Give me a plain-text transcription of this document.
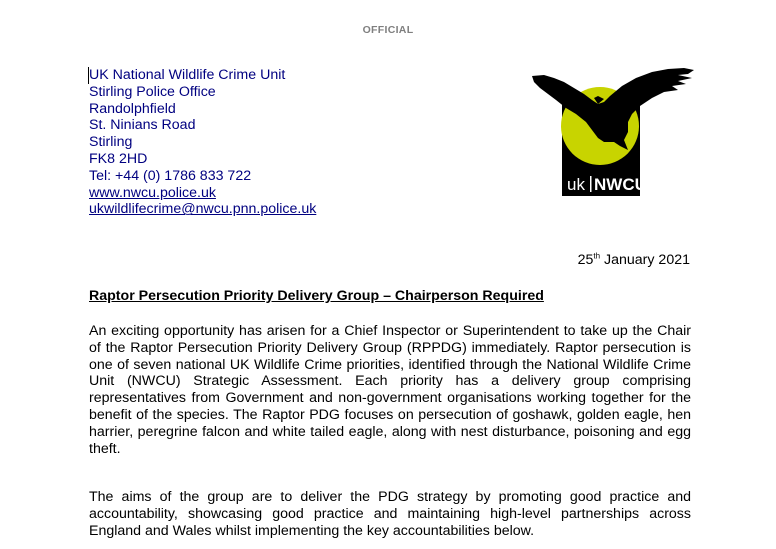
OFFICIAL
UK National Wildlife Crime Unit
Stirling Police Office
Randolphfield
St. Ninians Road
Stirling
FK8 2HD
Tel: +44 (0) 1786 833 722
www.nwcu.police.uk
ukwildlifecrime@nwcu.pnn.police.uk
uk NWCU
25th January 2021
Raptor Persecution Priority Delivery Group – Chairperson Required
An exciting opportunity has arisen for a Chief Inspector or Superintendent to take up the Chair of the Raptor Persecution Priority Delivery Group (RPPDG) immediately. Raptor persecution is one of seven national UK Wildlife Crime priorities, identified through the National Wildlife Crime Unit (NWCU) Strategic Assessment. Each priority has a delivery group comprising representatives from Government and non-government organisations working together for the benefit of the species. The Raptor PDG focuses on persecution of goshawk, golden eagle, hen harrier, peregrine falcon and white tailed eagle, along with nest disturbance, poisoning and egg theft.
The aims of the group are to deliver the PDG strategy by promoting good practice and accountability, showcasing good practice and maintaining high-level partnerships across England and Wales whilst implementing the key accountabilities below.
